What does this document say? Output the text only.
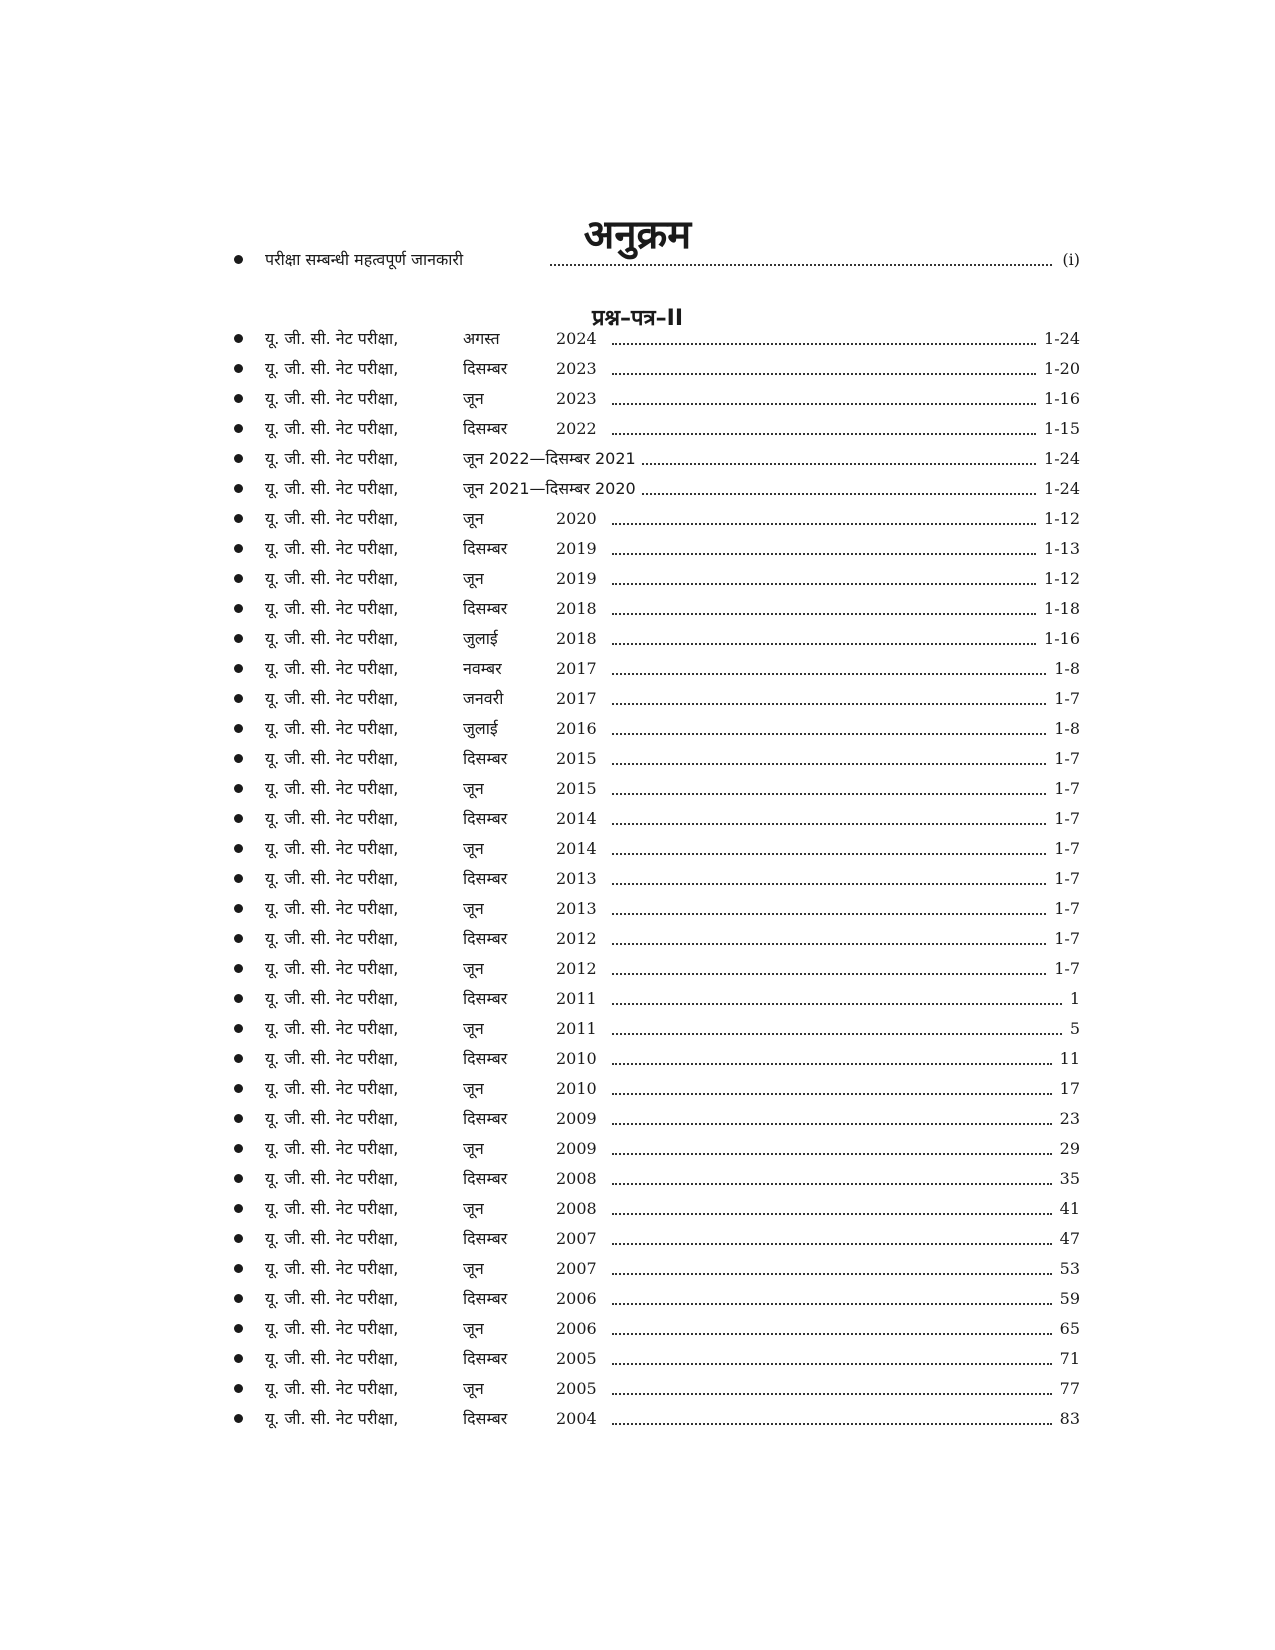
अनुक्रम
परीक्षा सम्बन्धी महत्वपूर्ण जानकारी	(i)
प्रश्न–पत्र–II
यू. जी. सी. नेट परीक्षा,	अगस्त	2024	1-24
यू. जी. सी. नेट परीक्षा,	दिसम्बर	2023	1-20
यू. जी. सी. नेट परीक्षा,	जून	2023	1-16
यू. जी. सी. नेट परीक्षा,	दिसम्बर	2022	1-15
यू. जी. सी. नेट परीक्षा,	जून 2022—दिसम्बर 2021	1-24
यू. जी. सी. नेट परीक्षा,	जून 2021—दिसम्बर 2020	1-24
यू. जी. सी. नेट परीक्षा,	जून	2020	1-12
यू. जी. सी. नेट परीक्षा,	दिसम्बर	2019	1-13
यू. जी. सी. नेट परीक्षा,	जून	2019	1-12
यू. जी. सी. नेट परीक्षा,	दिसम्बर	2018	1-18
यू. जी. सी. नेट परीक्षा,	जुलाई	2018	1-16
यू. जी. सी. नेट परीक्षा,	नवम्बर	2017	1-8
यू. जी. सी. नेट परीक्षा,	जनवरी	2017	1-7
यू. जी. सी. नेट परीक्षा,	जुलाई	2016	1-8
यू. जी. सी. नेट परीक्षा,	दिसम्बर	2015	1-7
यू. जी. सी. नेट परीक्षा,	जून	2015	1-7
यू. जी. सी. नेट परीक्षा,	दिसम्बर	2014	1-7
यू. जी. सी. नेट परीक्षा,	जून	2014	1-7
यू. जी. सी. नेट परीक्षा,	दिसम्बर	2013	1-7
यू. जी. सी. नेट परीक्षा,	जून	2013	1-7
यू. जी. सी. नेट परीक्षा,	दिसम्बर	2012	1-7
यू. जी. सी. नेट परीक्षा,	जून	2012	1-7
यू. जी. सी. नेट परीक्षा,	दिसम्बर	2011	1
यू. जी. सी. नेट परीक्षा,	जून	2011	5
यू. जी. सी. नेट परीक्षा,	दिसम्बर	2010	11
यू. जी. सी. नेट परीक्षा,	जून	2010	17
यू. जी. सी. नेट परीक्षा,	दिसम्बर	2009	23
यू. जी. सी. नेट परीक्षा,	जून	2009	29
यू. जी. सी. नेट परीक्षा,	दिसम्बर	2008	35
यू. जी. सी. नेट परीक्षा,	जून	2008	41
यू. जी. सी. नेट परीक्षा,	दिसम्बर	2007	47
यू. जी. सी. नेट परीक्षा,	जून	2007	53
यू. जी. सी. नेट परीक्षा,	दिसम्बर	2006	59
यू. जी. सी. नेट परीक्षा,	जून	2006	65
यू. जी. सी. नेट परीक्षा,	दिसम्बर	2005	71
यू. जी. सी. नेट परीक्षा,	जून	2005	77
यू. जी. सी. नेट परीक्षा,	दिसम्बर	2004	83
